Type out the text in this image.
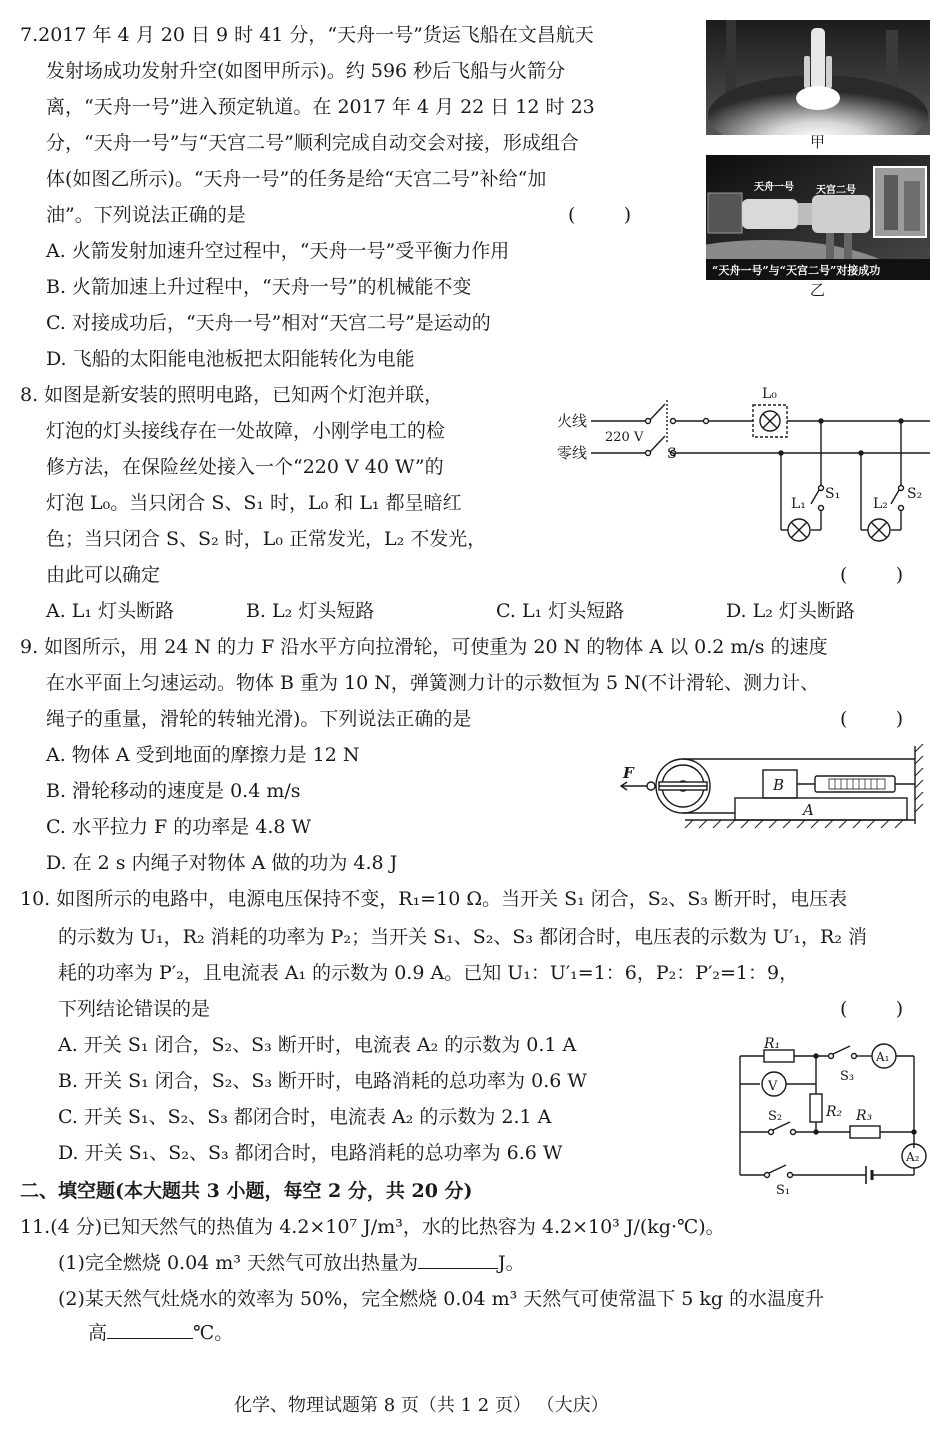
7.2017 年 4 月 20 日 9 时 41 分，“天舟一号”货运飞船在文昌航天
发射场成功发射升空(如图甲所示)。约 596 秒后飞船与火箭分
离，“天舟一号”进入预定轨道。在 2017 年 4 月 22 日 12 时 23
分，“天舟一号”与“天宫二号”顺利完成自动交会对接，形成组合
体(如图乙所示)。“天舟一号”的任务是给“天宫二号”补给“加
油”。下列说法正确的是	(        )
A. 火箭发射加速升空过程中，“天舟一号”受平衡力作用
B. 火箭加速上升过程中，“天舟一号”的机械能不变
C. 对接成功后，“天舟一号”相对“天宫二号”是运动的
D. 飞船的太阳能电池板把太阳能转化为电能
甲
天舟一号 天宫二号
“天舟一号”与“天宫二号”对接成功
乙
8. 如图是新安装的照明电路，已知两个灯泡并联，
灯泡的灯头接线存在一处故障，小刚学电工的检
修方法，在保险丝处接入一个“220 V 40 W”的
灯泡 L₀。当只闭合 S、S₁ 时，L₀ 和 L₁ 都呈暗红
色；当只闭合 S、S₂ 时，L₀ 正常发光，L₂ 不发光，
由此可以确定	(        )
A. L₁ 灯头断路	B. L₂ 灯头短路	C. L₁ 灯头短路	D. L₂ 灯头断路
火线
零线
220 V
S
L₀
S₁
L₁
S₂
L₂
9. 如图所示，用 24 N 的力 F 沿水平方向拉滑轮，可使重为 20 N 的物体 A 以 0.2 m/s 的速度
在水平面上匀速运动。物体 B 重为 10 N，弹簧测力计的示数恒为 5 N(不计滑轮、测力计、
绳子的重量，滑轮的转轴光滑)。下列说法正确的是	(        )
A. 物体 A 受到地面的摩擦力是 12 N
B. 滑轮移动的速度是 0.4 m/s
C. 水平拉力 F 的功率是 4.8 W
D. 在 2 s 内绳子对物体 A 做的功为 4.8 J
A
B
F
10. 如图所示的电路中，电源电压保持不变，R₁=10 Ω。当开关 S₁ 闭合，S₂、S₃ 断开时，电压表
的示数为 U₁，R₂ 消耗的功率为 P₂；当开关 S₁、S₂、S₃ 都闭合时，电压表的示数为 U′₁，R₂ 消
耗的功率为 P′₂，且电流表 A₁ 的示数为 0.9 A。已知 U₁：U′₁=1：6，P₂：P′₂=1：9，
下列结论错误的是	(        )
A. 开关 S₁ 闭合，S₂、S₃ 断开时，电流表 A₂ 的示数为 0.1 A
B. 开关 S₁ 闭合，S₂、S₃ 断开时，电路消耗的总功率为 0.6 W
C. 开关 S₁、S₂、S₃ 都闭合时，电流表 A₂ 的示数为 2.1 A
D. 开关 S₁、S₂、S₃ 都闭合时，电路消耗的总功率为 6.6 W
R₁
S₃
A₁
V
R₂
S₂	R₃
A₂
S₁
二、填空题(本大题共 3 小题，每空 2 分，共 20 分)
11.(4 分)已知天然气的热值为 4.2×10⁷ J/m³，水的比热容为 4.2×10³ J/(kg·℃)。
(1)完全燃烧 0.04 m³ 天然气可放出热量为	J。
(2)某天然气灶烧水的效率为 50%，完全燃烧 0.04 m³ 天然气可使常温下 5 kg 的水温度升
高	℃。
化学、物理试题第 8 页（共 1 2 页） （大庆）
